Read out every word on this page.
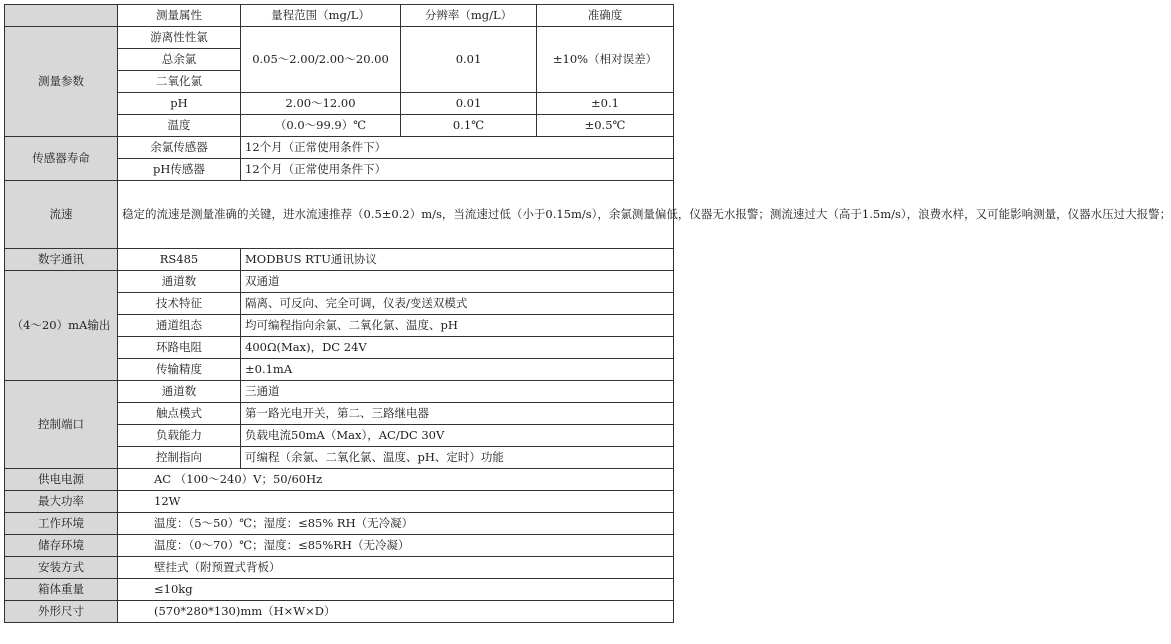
	测量属性	量程范围（mg/L）	分辨率（mg/L）	准确度
测量参数	游离性性氯	0.05～2.00/2.00～20.00	0.01	±10%（相对误差）
	总余氯			
	二氧化氯			
	pH	2.00～12.00	0.01	±0.1
	温度	（0.0～99.9）℃	0.1℃	±0.5℃
传感器寿命	余氯传感器	12个月（正常使用条件下）		
	pH传感器	12个月（正常使用条件下）		
流速	稳定的流速是测量准确的关键，进水流速推荐（0.5±0.2）m/s，当流速过低（小于0.15m/s），余氯测量偏低，仪器无水报警；测流速过大（高于1.5m/s），浪费水样，又可能影响测量，仪器水压过大报警；			
数字通讯	RS485	MODBUS RTU通讯协议		
（4～20）mA输出	通道数	双通道		
	技术特征	隔离、可反向、完全可调，仪表/变送双模式		
	通道组态	均可编程指向余氯、二氧化氯、温度、pH		
	环路电阻	400Ω(Max)，DC 24V		
	传输精度	±0.1mA		
控制端口	通道数	三通道		
	触点模式	第一路光电开关，第二、三路继电器		
	负载能力	负载电流50mA（Max），AC/DC 30V		
	控制指向	可编程（余氯、二氧化氯、温度、pH、定时）功能		
供电电源	AC （100～240）V；50/60Hz			
最大功率	12W			
工作环境	温度：（5～50）℃；湿度：≤85% RH（无冷凝）			
储存环境	温度：（0～70）℃；湿度：≤85%RH（无冷凝）			
安装方式	壁挂式（附预置式背板）			
箱体重量	≤10kg			
外形尺寸	(570*280*130)mm（H×W×D）			
